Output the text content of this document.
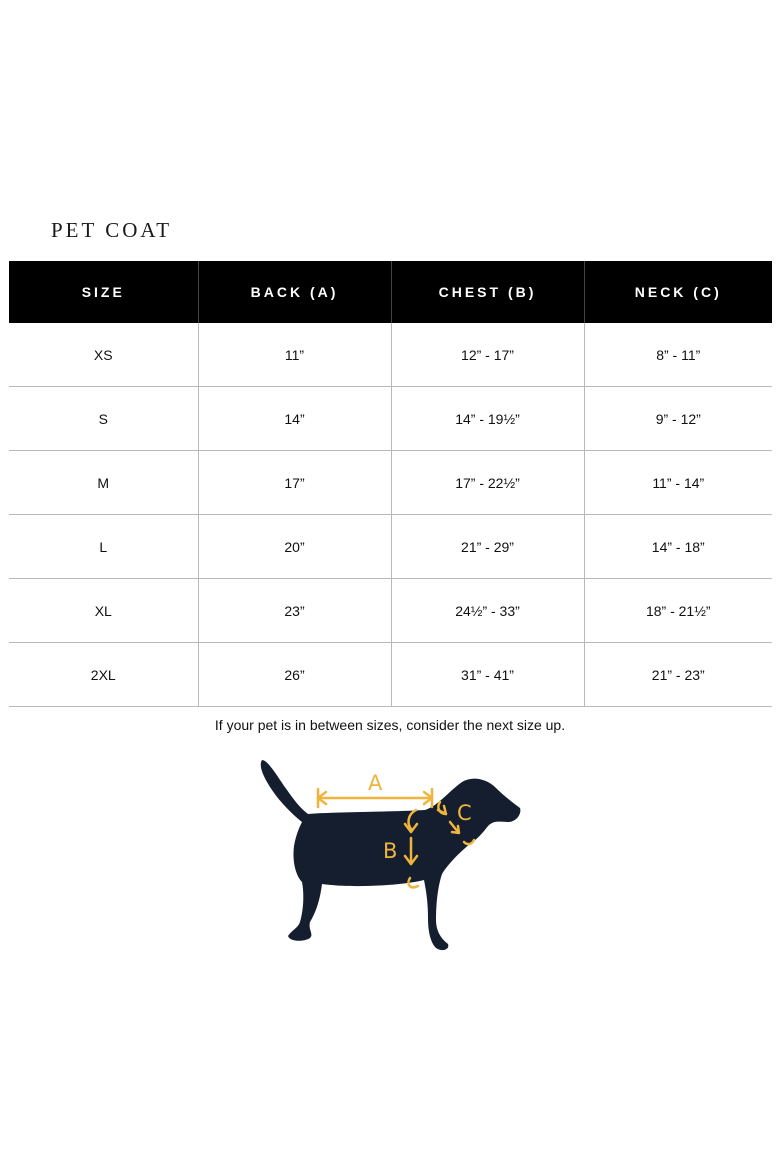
PET COAT
SIZE	BACK (A)	CHEST (B)	NECK (C)
XS	11”	12” - 17”	8” - 11”
S	14”	14” - 19½”	9” - 12”
M	17”	17” - 22½”	11” - 14”
L	20”	21” - 29”	14” - 18”
XL	23”	24½” - 33”	18” - 21½”
2XL	26”	31” - 41”	21” - 23”

If your pet is in between sizes, consider the next size up.

A
B
C
